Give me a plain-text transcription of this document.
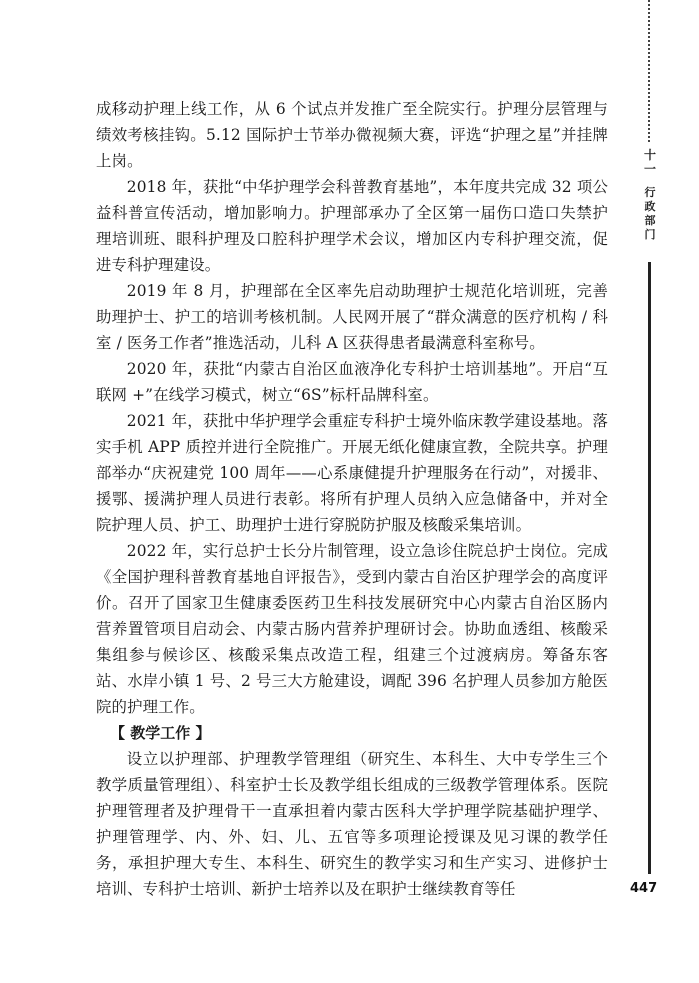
成移动护理上线工作，从 6 个试点并发推广至全院实行。护理分层管理与绩效考核挂钩。5.12 国际护士节举办微视频大赛，评选“护理之星”并挂牌上岗。

2018 年，获批“中华护理学会科普教育基地”，本年度共完成 32 项公益科普宣传活动，增加影响力。护理部承办了全区第一届伤口造口失禁护理培训班、眼科护理及口腔科护理学术会议，增加区内专科护理交流，促进专科护理建设。

2019 年 8 月，护理部在全区率先启动助理护士规范化培训班，完善助理护士、护工的培训考核机制。人民网开展了“群众满意的医疗机构 / 科室 / 医务工作者”推选活动，儿科 A 区获得患者最满意科室称号。

2020 年，获批“内蒙古自治区血液净化专科护士培训基地”。开启“互联网 +”在线学习模式，树立“6S”标杆品牌科室。

2021 年，获批中华护理学会重症专科护士境外临床教学建设基地。落实手机 APP 质控并进行全院推广。开展无纸化健康宣教，全院共享。护理部举办“庆祝建党 100 周年——心系康健提升护理服务在行动”，对援非、援鄂、援满护理人员进行表彰。将所有护理人员纳入应急储备中，并对全院护理人员、护工、助理护士进行穿脱防护服及核酸采集培训。

2022 年，实行总护士长分片制管理，设立急诊住院总护士岗位。完成《全国护理科普教育基地自评报告》，受到内蒙古自治区护理学会的高度评价。召开了国家卫生健康委医药卫生科技发展研究中心内蒙古自治区肠内营养置管项目启动会、内蒙古肠内营养护理研讨会。协助血透组、核酸采集组参与候诊区、核酸采集点改造工程，组建三个过渡病房。筹备东客站、水岸小镇 1 号、2 号三大方舱建设，调配 396 名护理人员参加方舱医院的护理工作。

【 教学工作 】

设立以护理部、护理教学管理组（研究生、本科生、大中专学生三个教学质量管理组）、科室护士长及教学组长组成的三级教学管理体系。医院护理管理者及护理骨干一直承担着内蒙古医科大学护理学院基础护理学、护理管理学、内、外、妇、儿、五官等多项理论授课及见习课的教学任务，承担护理大专生、本科生、研究生的教学实习和生产实习、进修护士培训、专科护士培训、新护士培养以及在职护士继续教育等任

十一
行政部门
447
